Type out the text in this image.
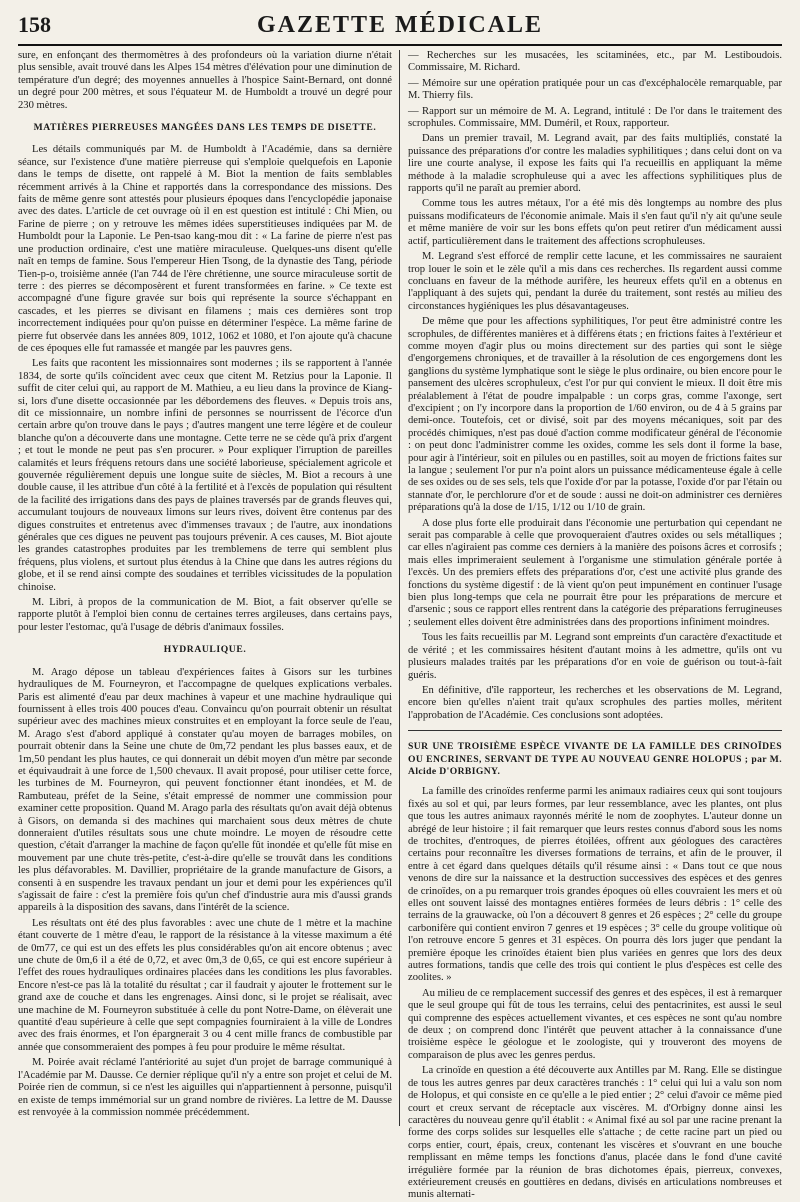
158	GAZETTE MÉDICALE

sure, en enfonçant des thermomètres à des profondeurs où la variation diurne n'était plus sensible, avait trouvé dans les Alpes 154 mètres d'élévation pour une diminution de température d'un degré; des moyennes annuelles à l'hospice Saint-Bernard, ont donné un degré pour 200 mètres, et sous l'équateur M. de Humboldt a trouvé un degré pour 230 mètres.

MATIÈRES PIERREUSES MANGÉES DANS LES TEMPS DE DISETTE.

Les détails communiqués par M. de Humboldt à l'Académie, dans sa dernière séance, sur l'existence d'une matière pierreuse qui s'emploie quelquefois en Laponie dans le temps de disette, ont rappelé à M. Biot la mention de faits semblables récemment arrivés à la Chine et rapportés dans la correspondance des missions. Des faits de même genre sont attestés pour plusieurs époques dans l'encyclopédie japonaise avec des dates. L'article de cet ouvrage où il en est question est intitulé : Chi Mien, ou Farine de pierre ; on y retrouve les mêmes idées superstitieuses indiquées par M. de Humboldt pour la Laponie. Le Pen-tsao kang-mou dit : « La farine de pierre n'est pas une production ordinaire, c'est une matière miraculeuse. Quelques-uns disent qu'elle naît en temps de famine. Sous l'empereur Hien Tsong, de la dynastie des Tang, période Tien-p-o, troisième année (l'an 744 de l'ère chrétienne, une source miraculeuse sortit de terre : des pierres se décomposèrent et furent transformées en farine. » Ce texte est accompagné d'une figure gravée sur bois qui représente la source s'échappant en cascades, et les pierres se divisant en filamens ; mais ces dernières sont trop incorrectement indiquées pour qu'on puisse en déterminer l'espèce. La même farine de pierre fut observée dans les années 809, 1012, 1062 et 1080, et l'on ajoute qu'à chacune de ces époques elle fut ramassée et mangée par les pauvres gens.

Les faits que racontent les missionnaires sont modernes ; ils se rapportent à l'année 1834, de sorte qu'ils coïncident avec ceux que citent M. Retzius pour la Laponie. Il suffit de citer celui qui, au rapport de M. Mathieu, a eu lieu dans la province de Kiang-si, lors d'une disette occasionnée par les débordemens des fleuves. « Depuis trois ans, dit ce missionnaire, un nombre infini de personnes se nourrissent de l'écorce d'un certain arbre qu'on trouve dans le pays ; d'autres mangent une terre légère et de couleur blanche qu'on a découverte dans une montagne. Cette terre ne se cède qu'à prix d'argent ; et tout le monde ne peut pas s'en procurer. » Pour expliquer l'irruption de pareilles calamités et leurs fréquens retours dans une société laborieuse, spécialement agricole et gouvernée régulièrement depuis une longue suite de siècles, M. Biot a recours à une double cause, il les attribue d'un côté à la fertilité et à l'excès de population qui résultent de la facilité des irrigations dans des pays de plaines traversés par de grands fleuves qui, accumulant toujours de nouveaux limons sur leurs rives, doivent être contenus par des digues construites et entretenus avec d'immenses travaux ; de l'autre, aux inondations générales que ces digues ne peuvent pas toujours prévenir. A ces causes, M. Biot ajoute les grandes catastrophes produites par les tremblemens de terre qui semblent plus fréquens, plus violens, et surtout plus étendus à la Chine que dans les autres régions du globe, et il se rend ainsi compte des soudaines et terribles vicissitudes de la population chinoise.

M. Libri, à propos de la communication de M. Biot, a fait observer qu'elle se rapporte plutôt à l'emploi bien connu de certaines terres argileuses, dans certains pays, pour lester l'estomac, qu'à l'usage de débris d'animaux fossiles.

HYDRAULIQUE.

M. Arago dépose un tableau d'expériences faites à Gisors sur les turbines hydrauliques de M. Fourneyron, et l'accompagne de quelques explications verbales. Paris est alimenté d'eau par deux machines à vapeur et une machine hydraulique qui fournissent à elles trois 400 pouces d'eau. Convaincu qu'on pourrait obtenir un résultat supérieur avec des machines mieux construites et en employant la force seule de l'eau, M. Arago s'est d'abord appliqué à constater qu'au moyen de barrages mobiles, on pourrait obtenir dans la Seine une chute de 0m,72 pendant les plus basses eaux, et de 1m,50 pendant les plus hautes, ce qui donnerait un débit moyen d'un mètre par seconde et équivaudrait à une force de 1,500 chevaux. Il avait proposé, pour utiliser cette force, les turbines de M. Fourneyron, qui peuvent fonctionner étant inondées, et M. de Rambuteau, préfet de la Seine, s'était empressé de nommer une commission pour examiner cette proposition. Quand M. Arago parla des résultats qu'on avait déjà obtenus à Gisors, on demanda si des machines qui marchaient sous deux mètres de chute donneraient d'utiles résultats sous une chute moindre. Le moyen de résoudre cette question, c'était d'arranger la machine de façon qu'elle fût inondée et qu'elle fût mise en mouvement par une chute très-petite, c'est-à-dire qu'elle se trouvât dans les conditions les plus défavorables. M. Davillier, propriétaire de la grande manufacture de Gisors, a consenti à en suspendre les travaux pendant un jour et demi pour les expériences qu'il s'agissait de faire : c'est la première fois qu'un chef d'industrie aura mis d'aussi grands appareils à la disposition des savans, dans l'intérêt de la science.

Les résultats ont été des plus favorables : avec une chute de 1 mètre et la machine étant couverte de 1 mètre d'eau, le rapport de la résistance à la vitesse maximum a été de 0m77, ce qui est un des effets les plus considérables qu'on ait encore obtenus ; avec une chute de 0m,6 il a été de 0,72, et avec 0m,3 de 0,65, ce qui est encore supérieur à l'effet des roues hydrauliques ordinaires placées dans les conditions les plus favorables. Encore n'est-ce pas là la totalité du résultat ; car il faudrait y ajouter le frottement sur le grand axe de couche et dans les engrenages. Ainsi donc, si le projet se réalisait, avec une machine de M. Fourneyron substituée à celle du pont Notre-Dame, on élèverait une quantité d'eau supérieure à celle que sept compagnies fourniraient à la ville de Londres avec des frais énormes, et l'on épargnerait 3 ou 4 cent mille francs de combustible par année que consommeraient des pompes à feu pour produire le même résultat.

M. Poirée avait réclamé l'antériorité au sujet d'un projet de barrage communiqué à l'Académie par M. Dausse. Ce dernier réplique qu'il n'y a entre son projet et celui de M. Poirée rien de commun, si ce n'est les aiguilles qui n'appartiennent à personne, puisqu'il en existe de temps immémorial sur un grand nombre de rivières. La lettre de M. Dausse est renvoyée à la commission nommée précédemment.

— Recherches sur les musacées, les scitaminées, etc., par M. Lestiboudois. Commissaire, M. Richard.

— Mémoire sur une opération pratiquée pour un cas d'excéphalocèle remarquable, par M. Thierry fils.

— Rapport sur un mémoire de M. A. Legrand, intitulé : De l'or dans le traitement des scrophules. Commissaire, MM. Duméril, et Roux, rapporteur.

Dans un premier travail, M. Legrand avait, par des faits multipliés, constaté la puissance des préparations d'or contre les maladies syphilitiques ; dans celui dont on va lire une courte analyse, il expose les faits qui l'a recueillis en appliquant la même méthode à la maladie scrophuleuse qui a avec les affections syphilitiques plus de rapports qu'il ne paraît au premier abord.

Comme tous les autres métaux, l'or a été mis dès longtemps au nombre des plus puissans modificateurs de l'économie animale. Mais il s'en faut qu'il n'y ait qu'une seule et même manière de voir sur les bons effets qu'on peut retirer d'un médicament aussi actif, particulièrement dans le traitement des affections scrophuleuses.

M. Legrand s'est efforcé de remplir cette lacune, et les commissaires ne sauraient trop louer le soin et le zèle qu'il a mis dans ces recherches. Ils regardent aussi comme concluans en faveur de la méthode aurifère, les heureux effets qu'il en a obtenus en l'appliquant à des sujets qui, pendant la durée du traitement, sont restés au milieu des circonstances hygiéniques les plus désavantageuses.

De même que pour les affections syphilitiques, l'or peut être administré contre les scrophules, de différentes manières et à différens états ; en frictions faites à l'extérieur et comme moyen d'agir plus ou moins directement sur des parties qui sont le siège d'engorgemens chroniques, et de travailler à la résolution de ces engorgemens dont les ganglions du système lymphatique sont le siège le plus ordinaire, ou bien encore pour le pansement des ulcères scrophuleux, c'est l'or pur qui convient le mieux. Il doit être mis préalablement à l'état de poudre impalpable : un corps gras, comme l'axonge, sert d'excipient ; on l'y incorpore dans la proportion de 1/60 environ, ou de 4 à 5 grains par demi-once. Toutefois, cet or divisé, soit par des moyens mécaniques, soit par des procédés chimiques, n'est pas doué d'action comme modificateur général de l'économie : on peut donc l'administrer comme les oxides, comme les sels dont il forme la base, pour agir à l'intérieur, soit en pilules ou en pastilles, soit au moyen de frictions faites sur la langue ; seulement l'or pur n'a point alors un puissance médicamenteuse égale à celle de ses oxides ou de ses sels, tels que l'oxide d'or par la potasse, l'oxide d'or par l'étain ou stannate d'or, le perchlorure d'or et de soude : aussi ne doit-on administrer ces dernières préparations qu'à la dose de 1/15, 1/12 ou 1/10 de grain.

A dose plus forte elle produirait dans l'économie une perturbation qui cependant ne serait pas comparable à celle que provoqueraient d'autres oxides ou sels métalliques ; car elles n'agiraient pas comme ces derniers à la manière des poisons âcres et corrosifs ; mais elles imprimeraient seulement à l'organisme une stimulation générale portée à l'excès. Un des premiers effets des préparations d'or, c'est une activité plus grande des fonctions du système digestif : de là vient qu'on peut impunément en continuer l'usage bien plus long-temps que cela ne pourrait être pour les préparations de mercure et d'arsenic ; sous ce rapport elles rentrent dans la catégorie des préparations ferrugineuses ; seulement elles doivent être administrées dans des proportions infiniment moindres.

Tous les faits recueillis par M. Legrand sont empreints d'un caractère d'exactitude et de vérité ; et les commissaires hésitent d'autant moins à les admettre, qu'ils ont vu plusieurs malades traités par les préparations d'or en voie de guérison ou tout-à-fait guéris.

En définitive, d'île rapporteur, les recherches et les observations de M. Legrand, encore bien qu'elles n'aient trait qu'aux scrophules des parties molles, méritent l'approbation de l'Académie. Ces conclusions sont adoptées.

SUR UNE TROISIÈME ESPÈCE VIVANTE DE LA FAMILLE DES CRINOÏDES OU ENCRINES, SERVANT DE TYPE AU NOUVEAU GENRE HOLOPUS ; par M. Alcide D'ORBIGNY.

La famille des crinoïdes renferme parmi les animaux radiaires ceux qui sont toujours fixés au sol et qui, par leurs formes, par leur ressemblance, avec les plantes, ont plus que tous les autres animaux rayonnés mérité le nom de zoophytes. L'auteur donne un abrégé de leur histoire ; il fait remarquer que leurs restes connus d'abord sous les noms de trochites, d'entroques, de pierres étoilées, offrent aux géologues des caractères certains pour reconnaître les diverses formations de terrains, et afin de le prouver, il entre à cet égard dans quelques détails qu'il résume ainsi : « Dans tout ce que nous venons de dire sur la naissance et la destruction successives des espèces et des genres de crinoïdes, on a pu remarquer trois grandes époques où elles couvraient les mers et où elles ont souvent laissé des montagnes entières formées de leurs débris : 1° celle des terrains de la grauwacke, où l'on a découvert 8 genres et 26 espèces ; 2° celle du groupe carbonifère qui contient environ 7 genres et 19 espèces ; 3° celle du groupe volitique où l'on retrouve encore 5 genres et 31 espèces. On pourra dès lors juger que pendant la première époque les crinoïdes étaient bien plus variées en genres que lors des deux autres formations, tandis que celle des trois qui contient le plus d'espèces est celle des zoolites. »

Au milieu de ce remplacement successif des genres et des espèces, il est à remarquer que le seul groupe qui fût de tous les terrains, celui des pentacrinites, est aussi le seul qui comprenne des espèces actuellement vivantes, et ces espèces ne sont qu'au nombre de deux ; on comprend donc l'intérêt que peuvent attacher à la connaissance d'une troisième espèce le géologue et le zoologiste, qui y trouveront des moyens de comparaison de plus avec les genres perdus.

La crinoïde en question a été découverte aux Antilles par M. Rang. Elle se distingue de tous les autres genres par deux caractères tranchés : 1° celui qui lui a valu son nom de Holopus, et qui consiste en ce qu'elle a le pied entier ; 2° celui d'avoir ce même pied court et creux servant de réceptacle aux viscères. M. d'Orbigny donne ainsi les caractères du nouveau genre qu'il établit : « Animal fixé au sol par une racine prenant la forme des corps solides sur lesquelles elle s'attache ; de cette racine part un pied ou corps entier, court, épais, creux, contenant les viscères et s'ouvrant en une bouche remplissant en même temps les fonctions d'anus, placée dans le fond d'une cavité irrégulière formée par la réunion de bras dichotomes épais, pierreux, convexes, extérieurement creusés en gouttières en dedans, divisés en articulations nombreuses et munis alternati-
